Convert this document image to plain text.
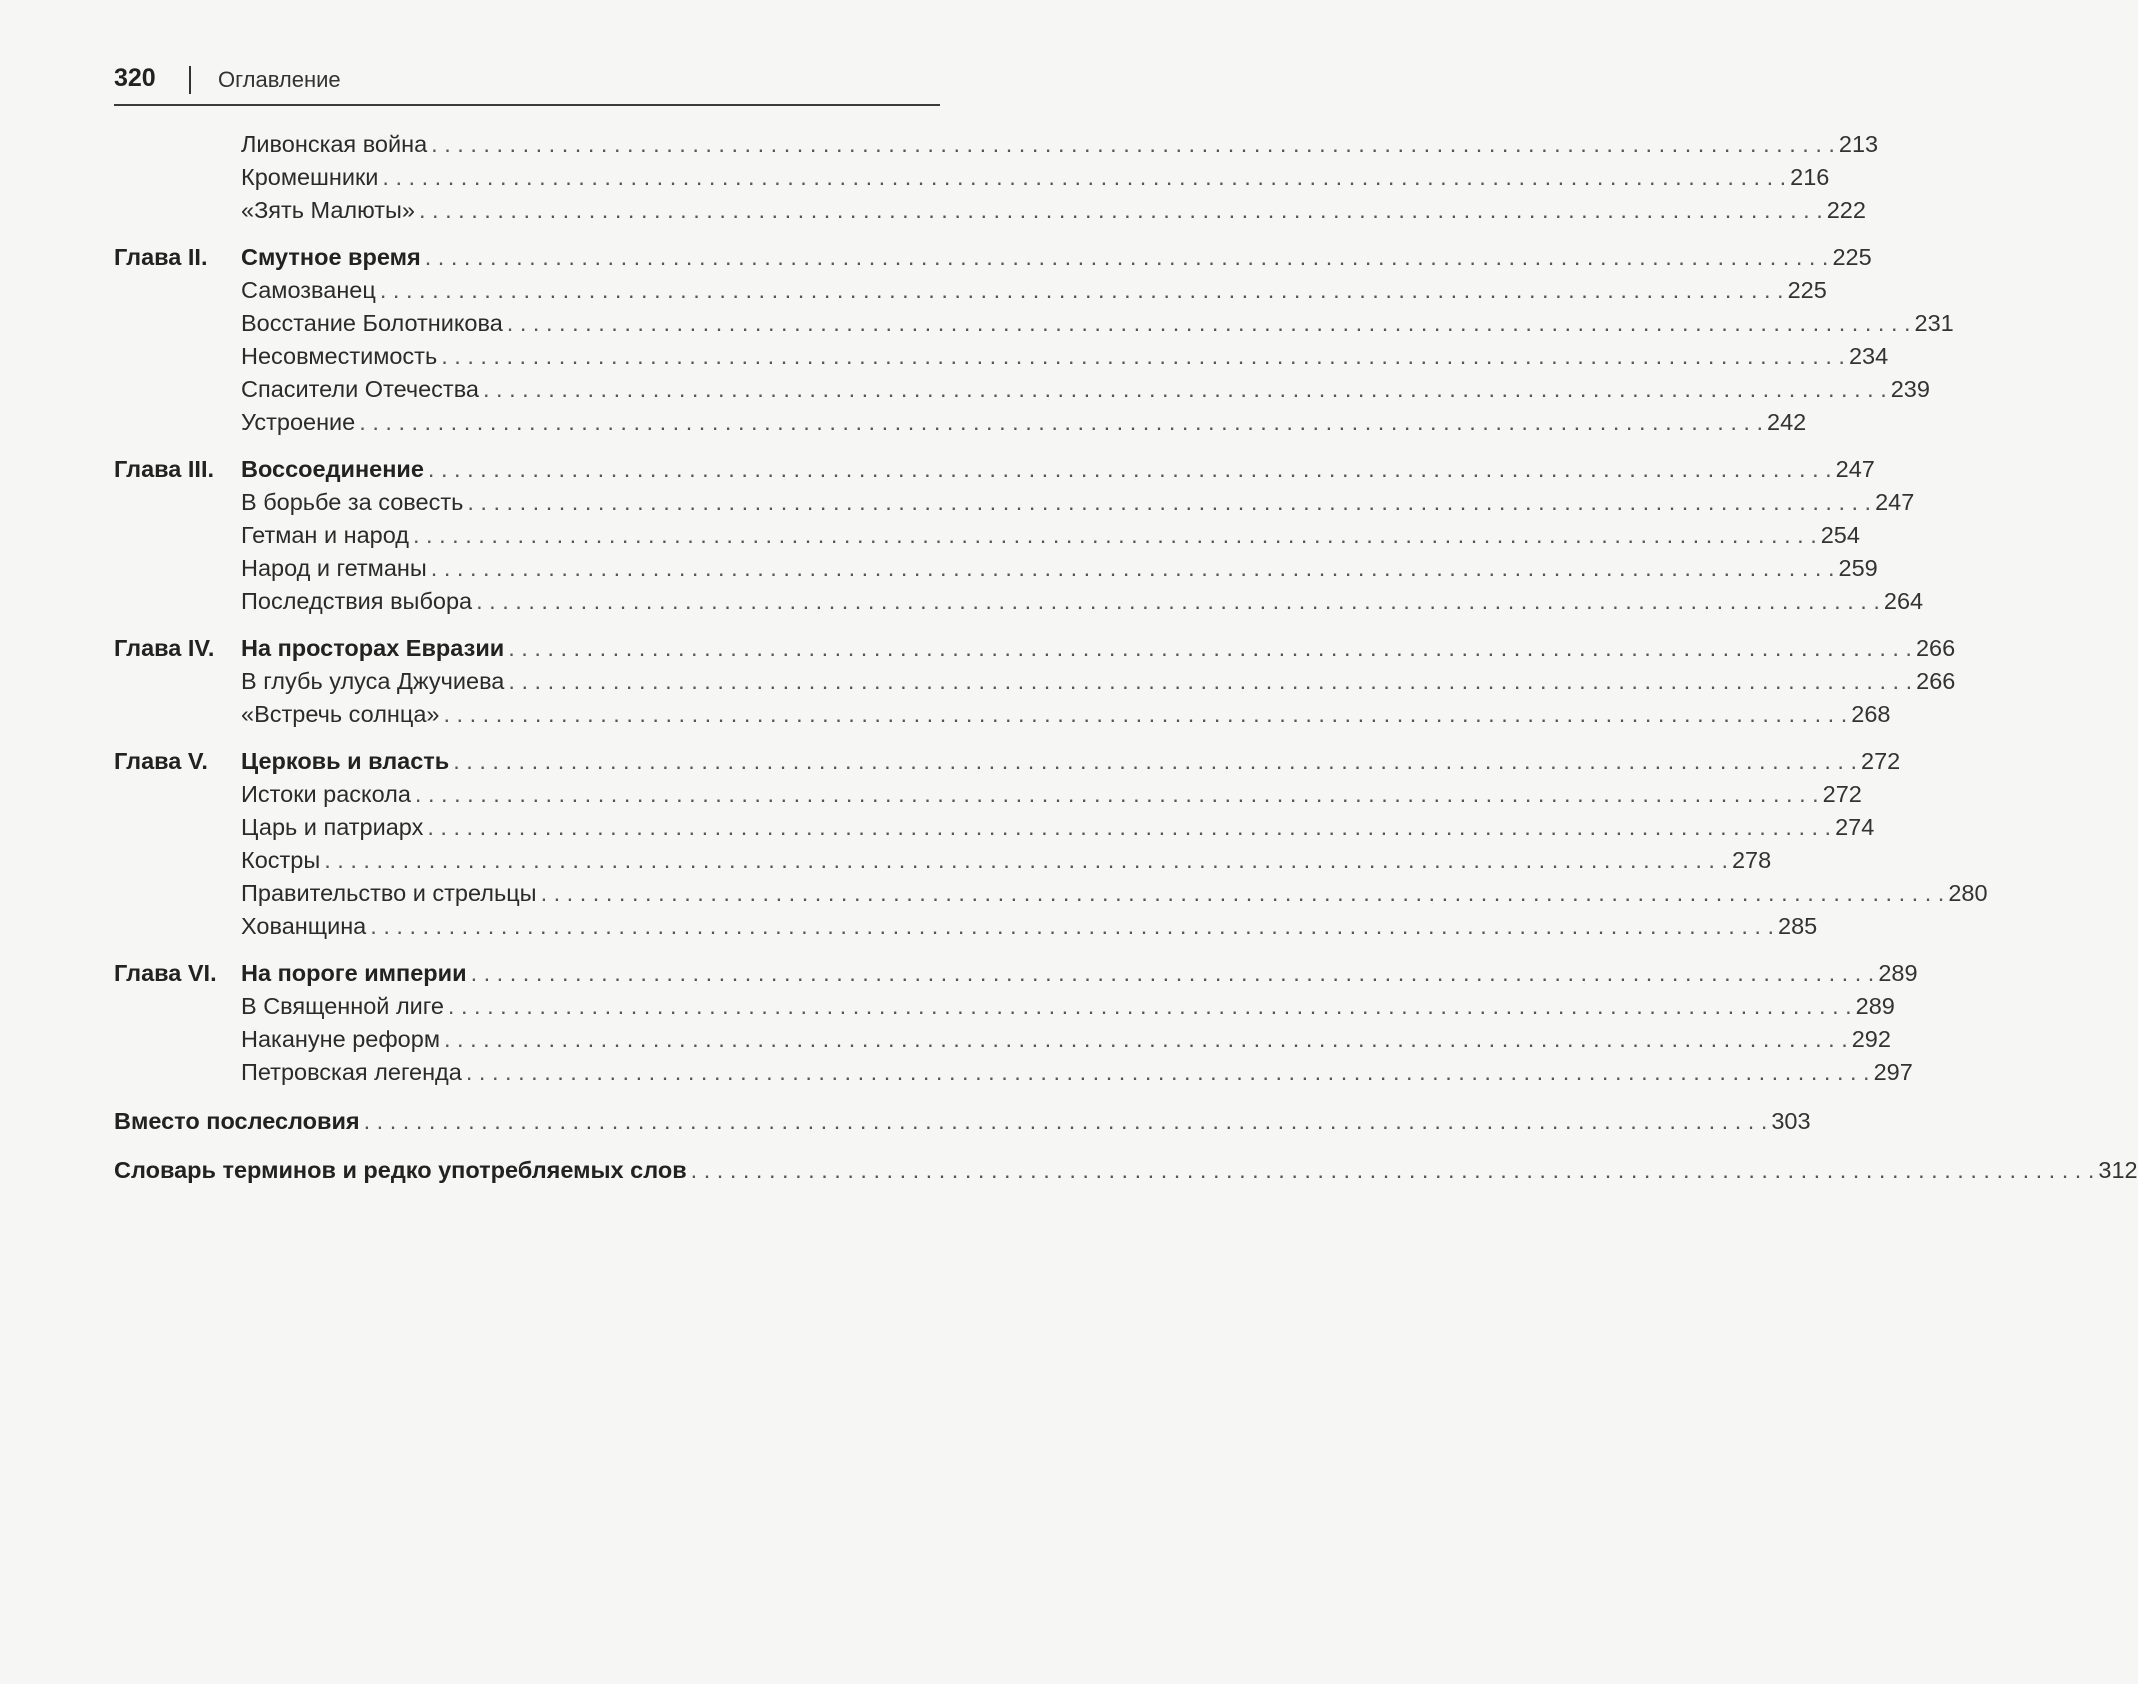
320	Оглавление
Ливонская война . . .	213
Кромешники . . .	216
«Зять Малюты» . . .	222
Глава II. Смутное время . . .	225
Самозванец . . .	225
Восстание Болотникова . . .	231
Несовместимость . . .	234
Спасители Отечества . . .	239
Устроение . . .	242
Глава III. Воссоединение . . .	247
В борьбе за совесть . . .	247
Гетман и народ . . .	254
Народ и гетманы . . .	259
Последствия выбора . . .	264
Глава IV. На просторах Евразии . . .	266
В глубь улуса Джучиева . . .	266
«Встречь солнца» . . .	268
Глава V. Церковь и власть . . .	272
Истоки раскола . . .	272
Царь и патриарх . . .	274
Костры . . .	278
Правительство и стрельцы . . .	280
Хованщина . . .	285
Глава VI. На пороге империи . . .	289
В Священной лиге . . .	289
Накануне реформ . . .	292
Петровская легенда . . .	297
Вместо послесловия . . .	303
Словарь терминов и редко употребляемых слов . . .	312
